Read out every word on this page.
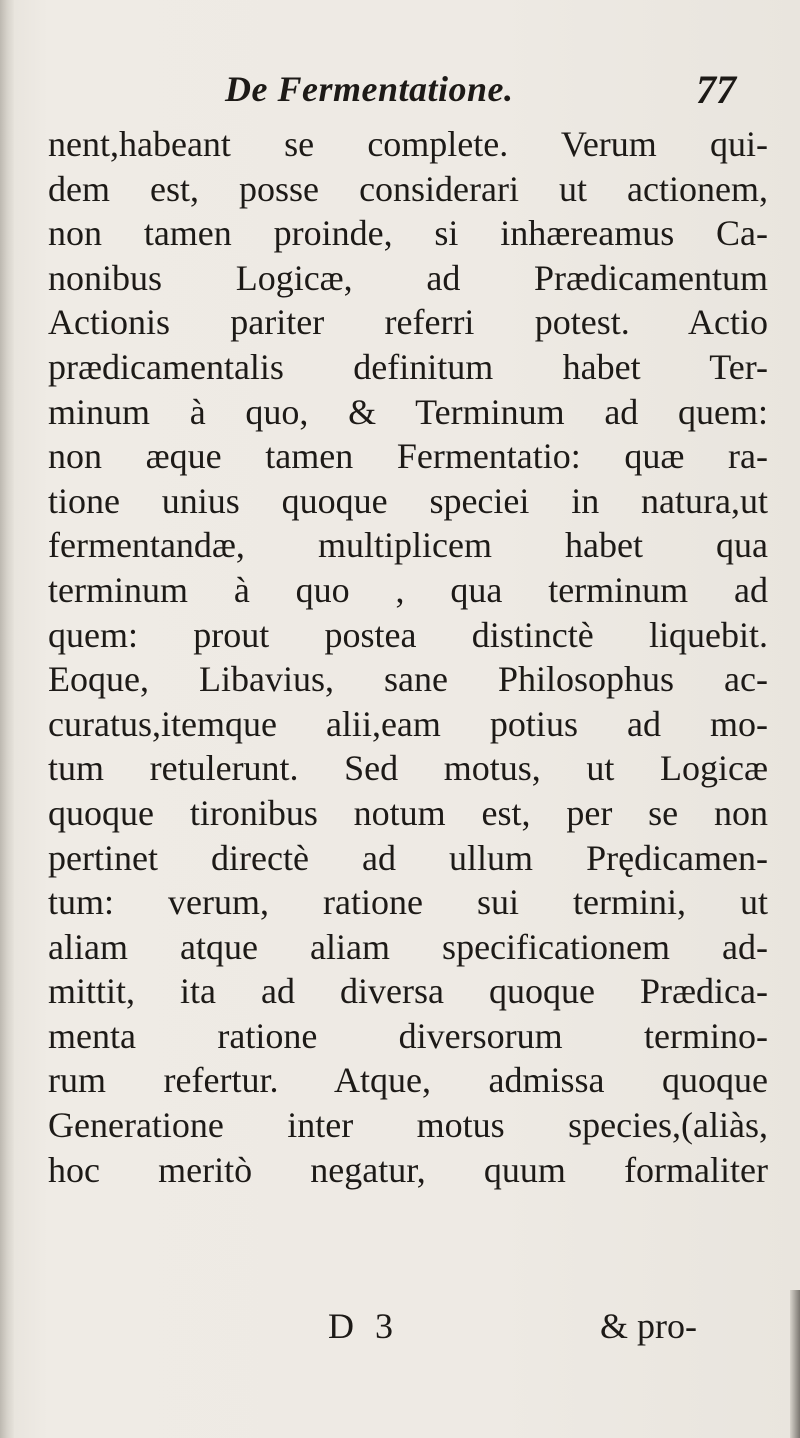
De Fermentatione.	77
nent,habeant se complete. Verum qui-
dem est, posse considerari ut actionem,
non tamen proinde, si inhæreamus Ca-
nonibus Logicæ, ad Prædicamentum
Actionis pariter referri potest. Actio
prædicamentalis definitum habet Ter-
minum à quo, & Terminum ad quem:
non æque tamen Fermentatio: quæ ra-
tione unius quoque speciei in natura,ut
fermentandæ, multiplicem habet qua
terminum à quo , qua terminum ad
quem: prout postea distinctè liquebit.
Eoque, Libavius, sane Philosophus ac-
curatus,itemque alii,eam potius ad mo-
tum retulerunt. Sed motus, ut Logicæ
quoque tironibus notum est, per se non
pertinet directè ad ullum Prędicamen-
tum: verum, ratione sui termini, ut
aliam atque aliam specificationem ad-
mittit, ita ad diversa quoque Prædica-
menta ratione diversorum termino-
rum refertur. Atque, admissa quoque
Generatione inter motus species,(aliàs,
hoc meritò negatur, quum formaliter
D 3	& pro-
